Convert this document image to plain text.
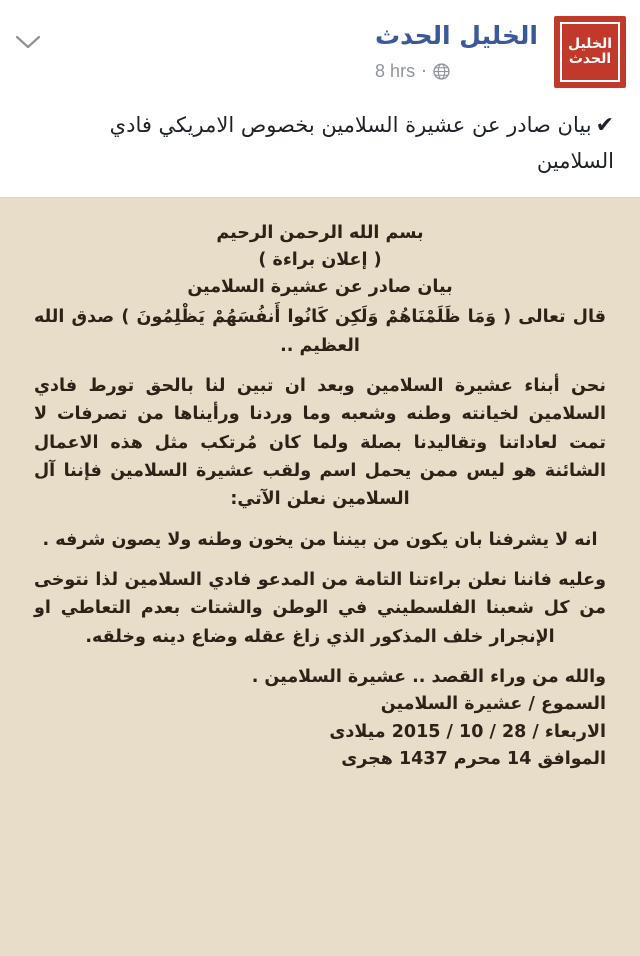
الخليل
الحدث
الخليل الحدث
8 hrs ·
✔بيان صادر عن عشيرة السلامين بخصوص الامريكي فادي السلامين
بسم الله الرحمن الرحيم
( إعلان براءة )
بيان صادر عن عشيرة السلامين
قال تعالى ( وَمَا ظَلَمْنَاهُمْ وَلَكِن كَانُوا أَنفُسَهُمْ يَظْلِمُونَ ) صدق الله العظيم ..
نحن أبناء عشيرة السلامين وبعد ان تبين لنا بالحق تورط فادي السلامين لخيانته وطنه وشعبه وما وردنا ورأيناها من تصرفات لا تمت لعاداتنا وتقاليدنا بصلة ولما كان مُرتكب مثل هذه الاعمال الشائنة هو ليس ممن يحمل اسم ولقب عشيرة السلامين فإننا آل السلامين نعلن الآتي:
انه لا يشرفنا بان يكون من بيننا من يخون وطنه ولا يصون شرفه .
وعليه فاننا نعلن براءتنا التامة من المدعو فادي السلامين لذا نتوخى من كل شعبنا الفلسطيني في الوطن والشتات بعدم التعاطي او الإنجرار خلف المذكور الذي زاغ عقله وضاع دينه وخلقه.
والله من وراء القصد .. عشيرة السلامين .
السموع / عشيرة السلامين
الاربعاء / 28 / 10 / 2015 ميلادى
الموافق 14 محرم 1437 هجرى
